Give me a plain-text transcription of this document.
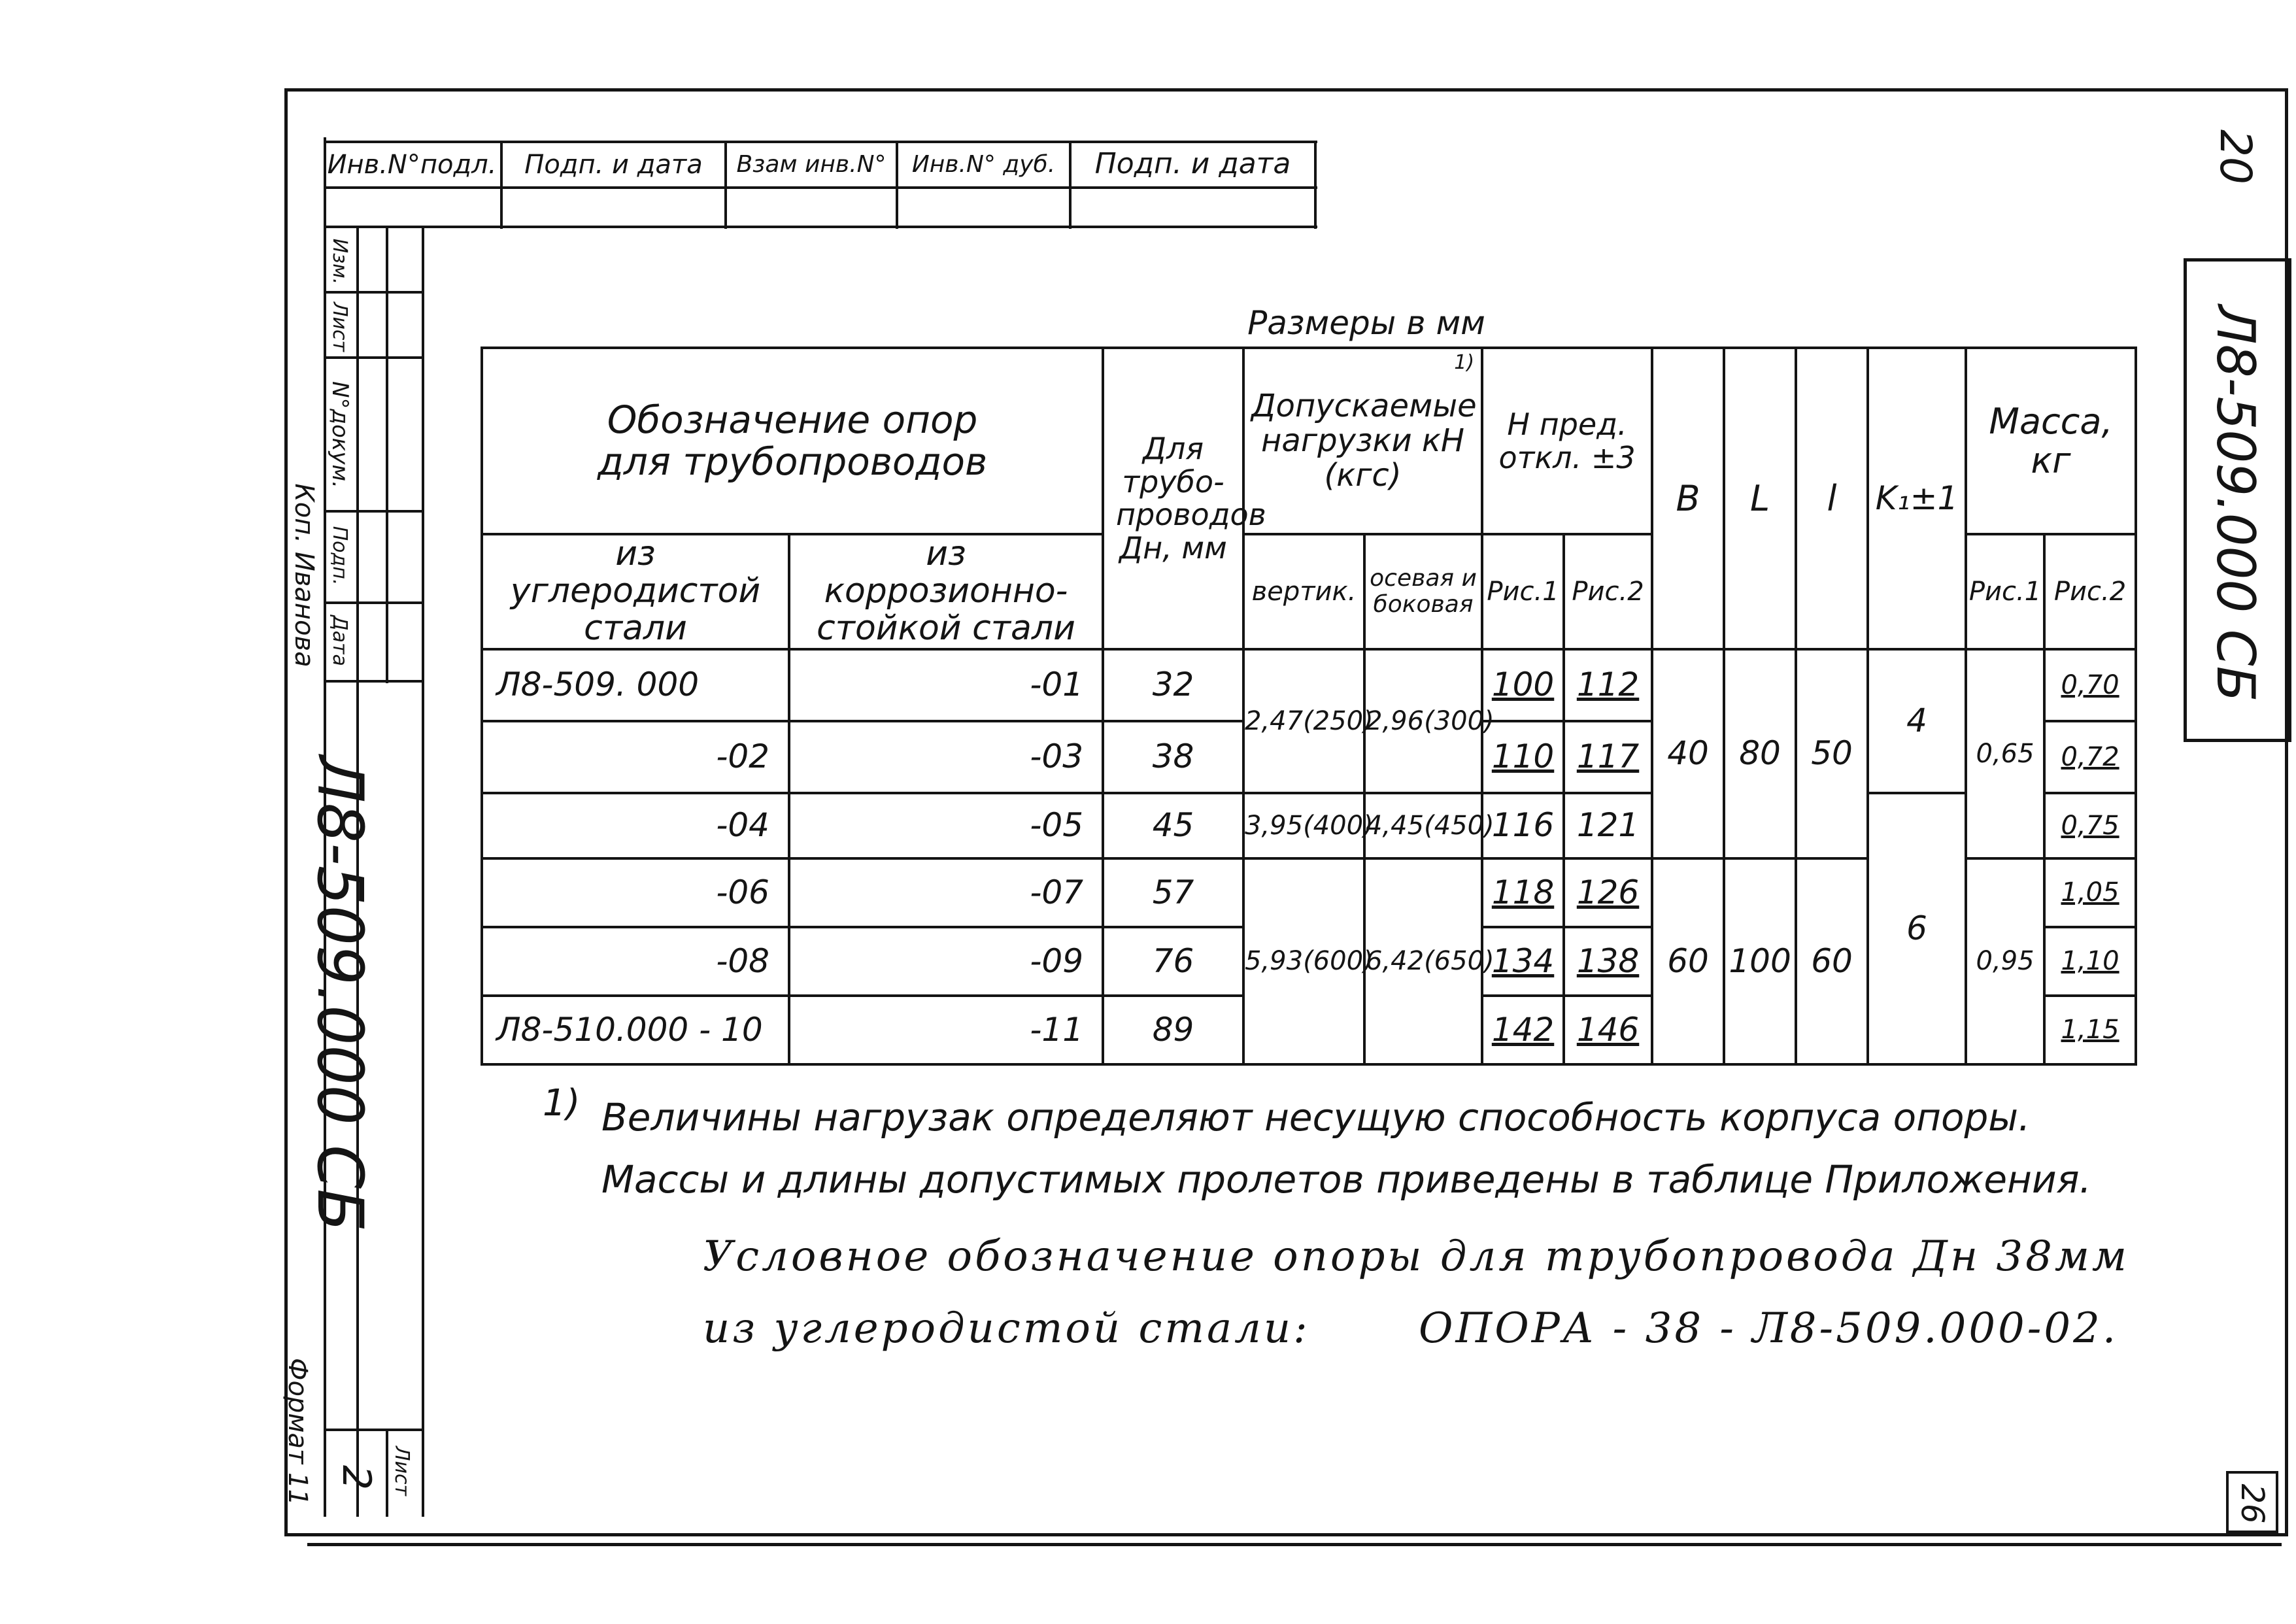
Инв.N°подл.	Подп. и дата	Взам инв.N°	Инв.N° дуб.	Подп. и дата
Изм.
Лист
N°докум.
Подп.
Дата
Л8-509.000 СБ
Лист
2
Коп. Иванова
Формат 11
Л8-509.000 СБ
20
26
Размеры в мм
Обозначение опор для трубопроводов		Для трубо-проводов Дн, мм	Допускаемые нагрузки кН (кгс)
1)		H пред. откл. ±3		B	L	l	K₁±1	Масса, кг	
из углеродистой стали	из коррозионно-стойкой стали		вертик.	осевая и боковая	Рис.1	Рис.2					Рис.1	Рис.2
Л8-509. 000	-01	32	2,47(250)	2,96(300)	100	112	40	80	50	4	0,65	0,70
-02	-03	38			110	117						0,72
-04	-05	45	3,95(400)	4,45(450)	116	121				6		0,75
-06	-07	57	5,93(600)	6,42(650)	118	126	60	100	60		0,95	1,05
-08	-09	76			134	138						1,10
Л8-510.000 - 10	-11	89			142	146						1,15
1) Величины нагрузак определяют несущую способность корпуса опоры.
Массы и длины допустимых пролетов приведены в таблице Приложения.
Условное обозначение опоры для трубопровода Дн 38мм
из углеродистой стали:	ОПОРА - 38 - Л8-509.000-02.
